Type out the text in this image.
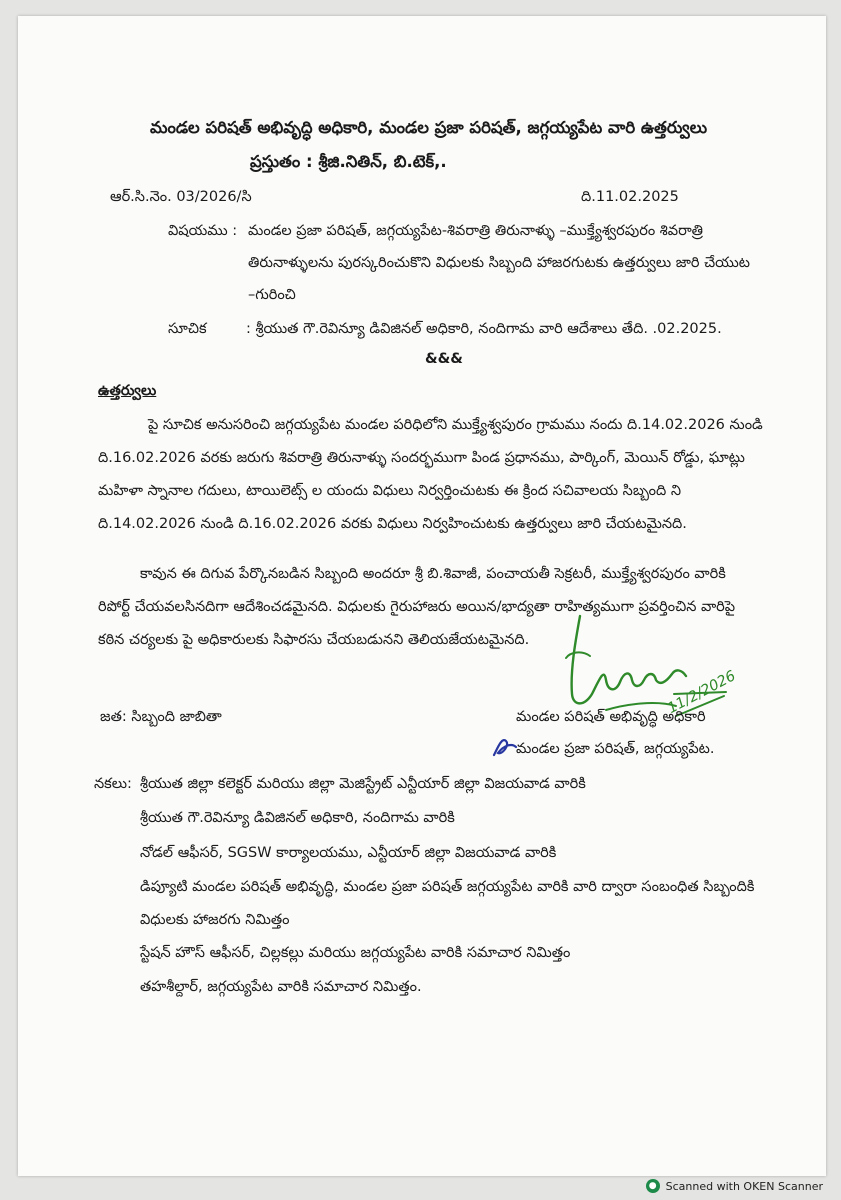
మండల పరిషత్ అభివృద్ధి అధికారి, మండల ప్రజా పరిషత్, జగ్గయ్యపేట వారి ఉత్తర్వులు
ప్రస్తుతం : శ్రీజి.నితిన్, బి.టెక్,.
ఆర్.సి.నెం. 03/2026/సి	ది.11.02.2025
విషయము : మండల ప్రజా పరిషత్, జగ్గయ్యపేట-శివరాత్రి తిరునాళ్ళు –ముక్త్యేశ్వరపురం శివరాత్రి
తిరునాళ్ళులను పురస్కరించుకొని విధులకు సిబ్బంది హాజరగుటకు ఉత్తర్వులు జారి చేయుట
–గురించి
సూచిక	: శ్రీయుత గౌ.రెవిన్యూ డివిజినల్ అధికారి, నందిగామ వారి ఆదేశాలు తేది. .02.2025.
&&&
ఉత్తర్వులు
పై సూచిక అనుసరించి జగ్గయ్యపేట మండల పరిధిలోని ముక్త్యేశ్వపురం గ్రామము నందు ది.14.02.2026 నుండి
ది.16.02.2026 వరకు జరుగు శివరాత్రి తిరునాళ్ళు సందర్భముగా పిండ ప్రధానము, పార్కింగ్, మెయిన్ రోడ్డు, ఘాట్లు
మహిళా స్నానాల గదులు, టాయిలెట్స్ ల యందు విధులు నిర్వర్తించుటకు ఈ క్రింద సచివాలయ సిబ్బంది ని
ది.14.02.2026 నుండి ది.16.02.2026 వరకు విధులు నిర్వహించుటకు ఉత్తర్వులు జారి చేయటమైనది.
కావున ఈ దిగువ పేర్కొనబడిన సిబ్బంది అందరూ శ్రీ బి.శివాజీ, పంచాయతీ సెక్రటరీ, ముక్త్యేశ్వరపురం వారికి
రిపోర్ట్ చేయవలసినదిగా ఆదేశించడమైనది. విధులకు గైరుహాజరు అయిన/భాద్యతా రాహిత్యముగా ప్రవర్తించిన వారిపై
కఠిన చర్యలకు పై అధికారులకు సిఫారసు చేయబడునని తెలియజేయటమైనది.
11/2/2026
జత: సిబ్బంది జాబితా	మండల పరిషత్ అభివృద్ధి అధికారి
మండల ప్రజా పరిషత్, జగ్గయ్యపేట.
నకలు: శ్రీయుత జిల్లా కలెక్టర్ మరియు జిల్లా మెజిస్ట్రేట్ ఎన్టీయార్ జిల్లా విజయవాడ వారికి
శ్రీయుత గౌ.రెవిన్యూ డివిజినల్ అధికారి, నందిగామ వారికి
నోడల్ ఆఫీసర్, SGSW కార్యాలయము, ఎన్టీయార్ జిల్లా విజయవాడ వారికి
డిప్యూటి మండల పరిషత్ అభివృద్ధి, మండల ప్రజా పరిషత్ జగ్గయ్యపేట వారికి వారి ద్వారా సంబంధిత సిబ్బందికి
విధులకు హాజరగు నిమిత్తం
స్టేషన్ హౌస్ ఆఫీసర్, చిల్లకల్లు మరియు జగ్గయ్యపేట వారికి సమాచార నిమిత్తం
తహశీల్దార్, జగ్గయ్యపేట వారికి సమాచార నిమిత్తం.
● Scanned with OKEN Scanner
